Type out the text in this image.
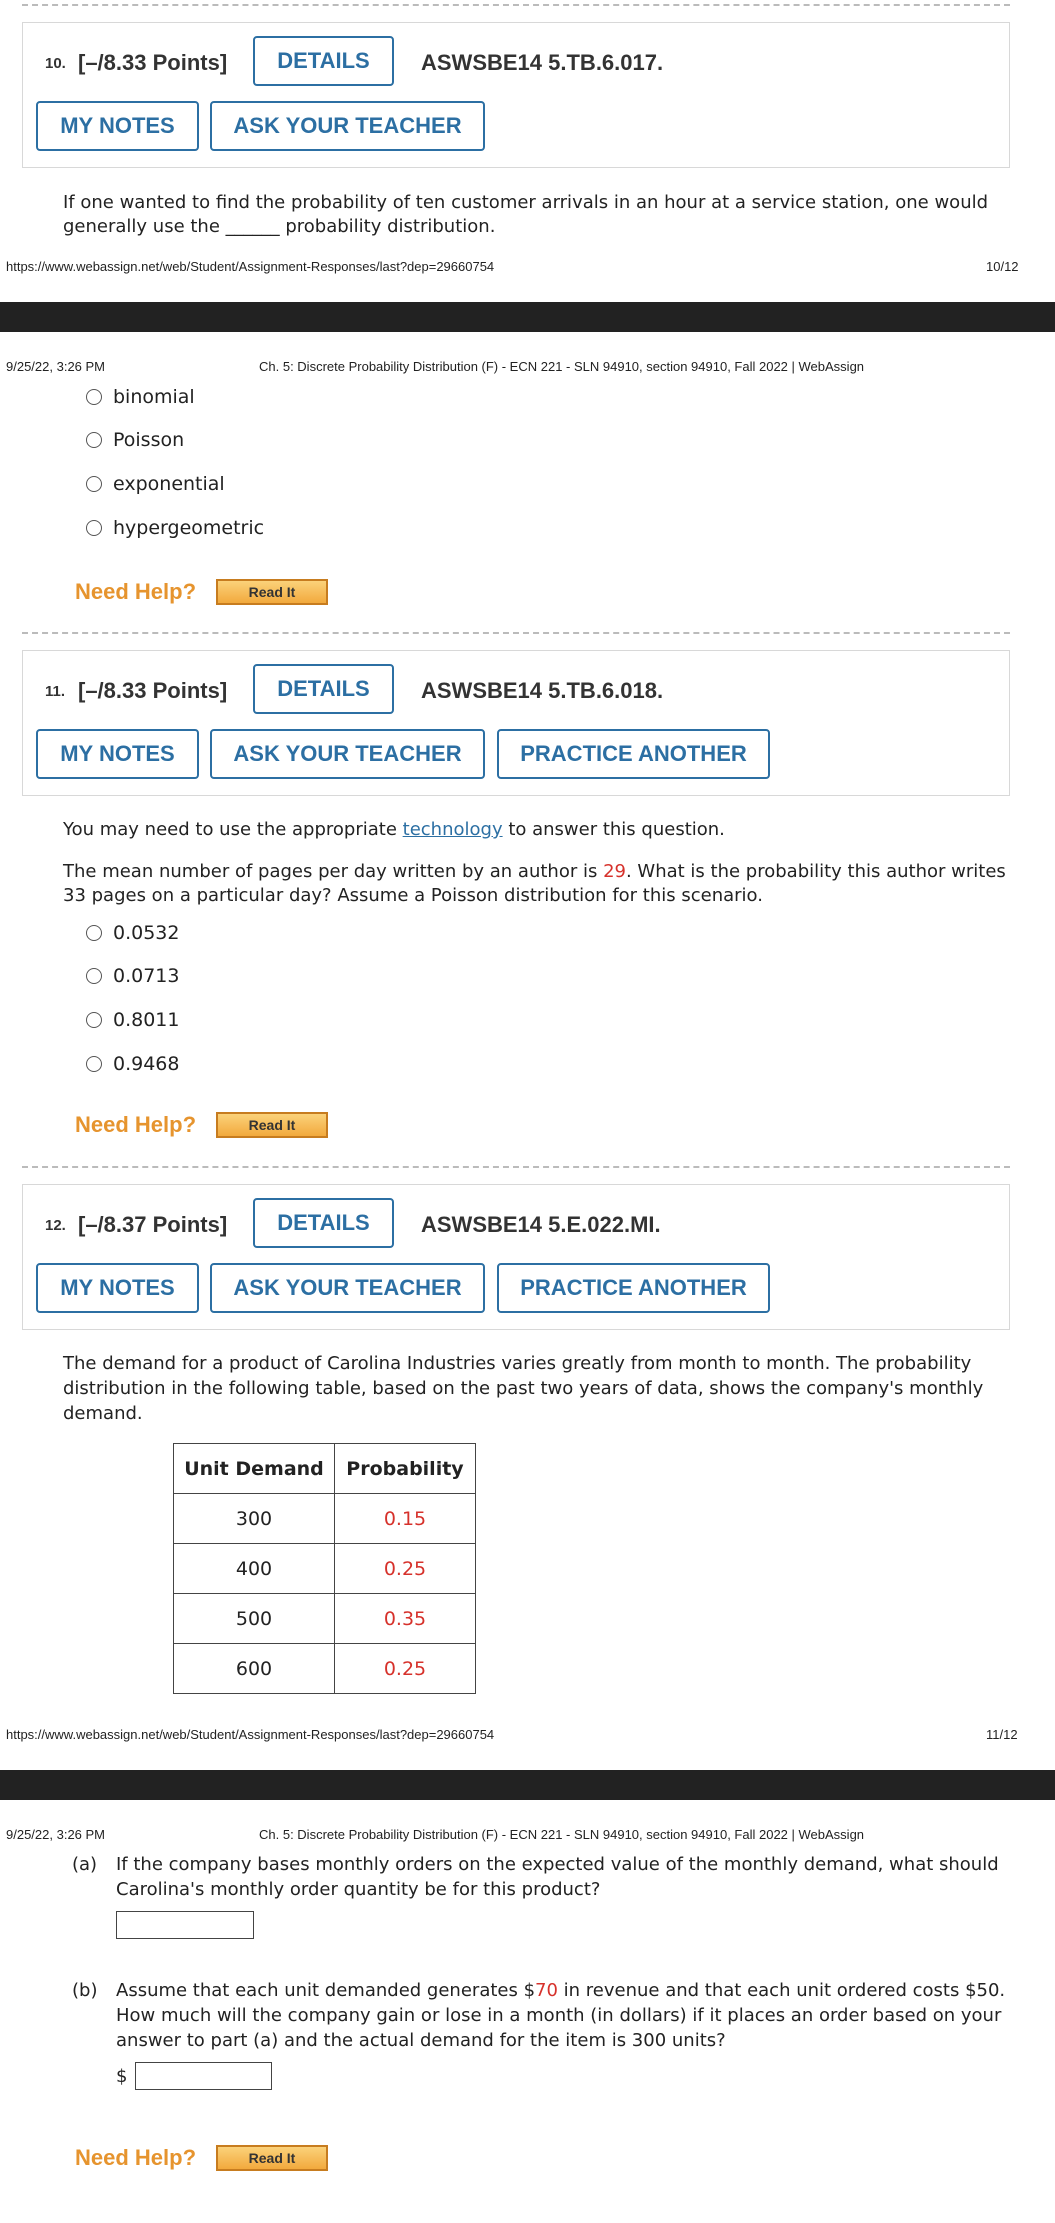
10. [–/8.33 Points]	DETAILS	ASWSBE14 5.TB.6.017.
MY NOTES	ASK YOUR TEACHER
If one wanted to find the probability of ten customer arrivals in an hour at a service station, one would
generally use the ______ probability distribution.
https://www.webassign.net/web/Student/Assignment-Responses/last?dep=29660754	10/12
9/25/22, 3:26 PM	Ch. 5: Discrete Probability Distribution (F) - ECN 221 - SLN 94910, section 94910, Fall 2022 | WebAssign
binomial
Poisson
exponential
hypergeometric
Need Help?	Read It
11. [–/8.33 Points]	DETAILS	ASWSBE14 5.TB.6.018.
MY NOTES	ASK YOUR TEACHER	PRACTICE ANOTHER
You may need to use the appropriate technology to answer this question.
The mean number of pages per day written by an author is 29. What is the probability this author writes
33 pages on a particular day? Assume a Poisson distribution for this scenario.
0.0532
0.0713
0.8011
0.9468
Need Help?	Read It
12. [–/8.37 Points]	DETAILS	ASWSBE14 5.E.022.MI.
MY NOTES	ASK YOUR TEACHER	PRACTICE ANOTHER
The demand for a product of Carolina Industries varies greatly from month to month. The probability
distribution in the following table, based on the past two years of data, shows the company's monthly
demand.
Unit Demand	Probability
300	0.15
400	0.25
500	0.35
600	0.25
https://www.webassign.net/web/Student/Assignment-Responses/last?dep=29660754	11/12
9/25/22, 3:26 PM	Ch. 5: Discrete Probability Distribution (F) - ECN 221 - SLN 94910, section 94910, Fall 2022 | WebAssign
(a) If the company bases monthly orders on the expected value of the monthly demand, what should
Carolina's monthly order quantity be for this product?
(b) Assume that each unit demanded generates $70 in revenue and that each unit ordered costs $50.
How much will the company gain or lose in a month (in dollars) if it places an order based on your
answer to part (a) and the actual demand for the item is 300 units?
$
Need Help?	Read It
